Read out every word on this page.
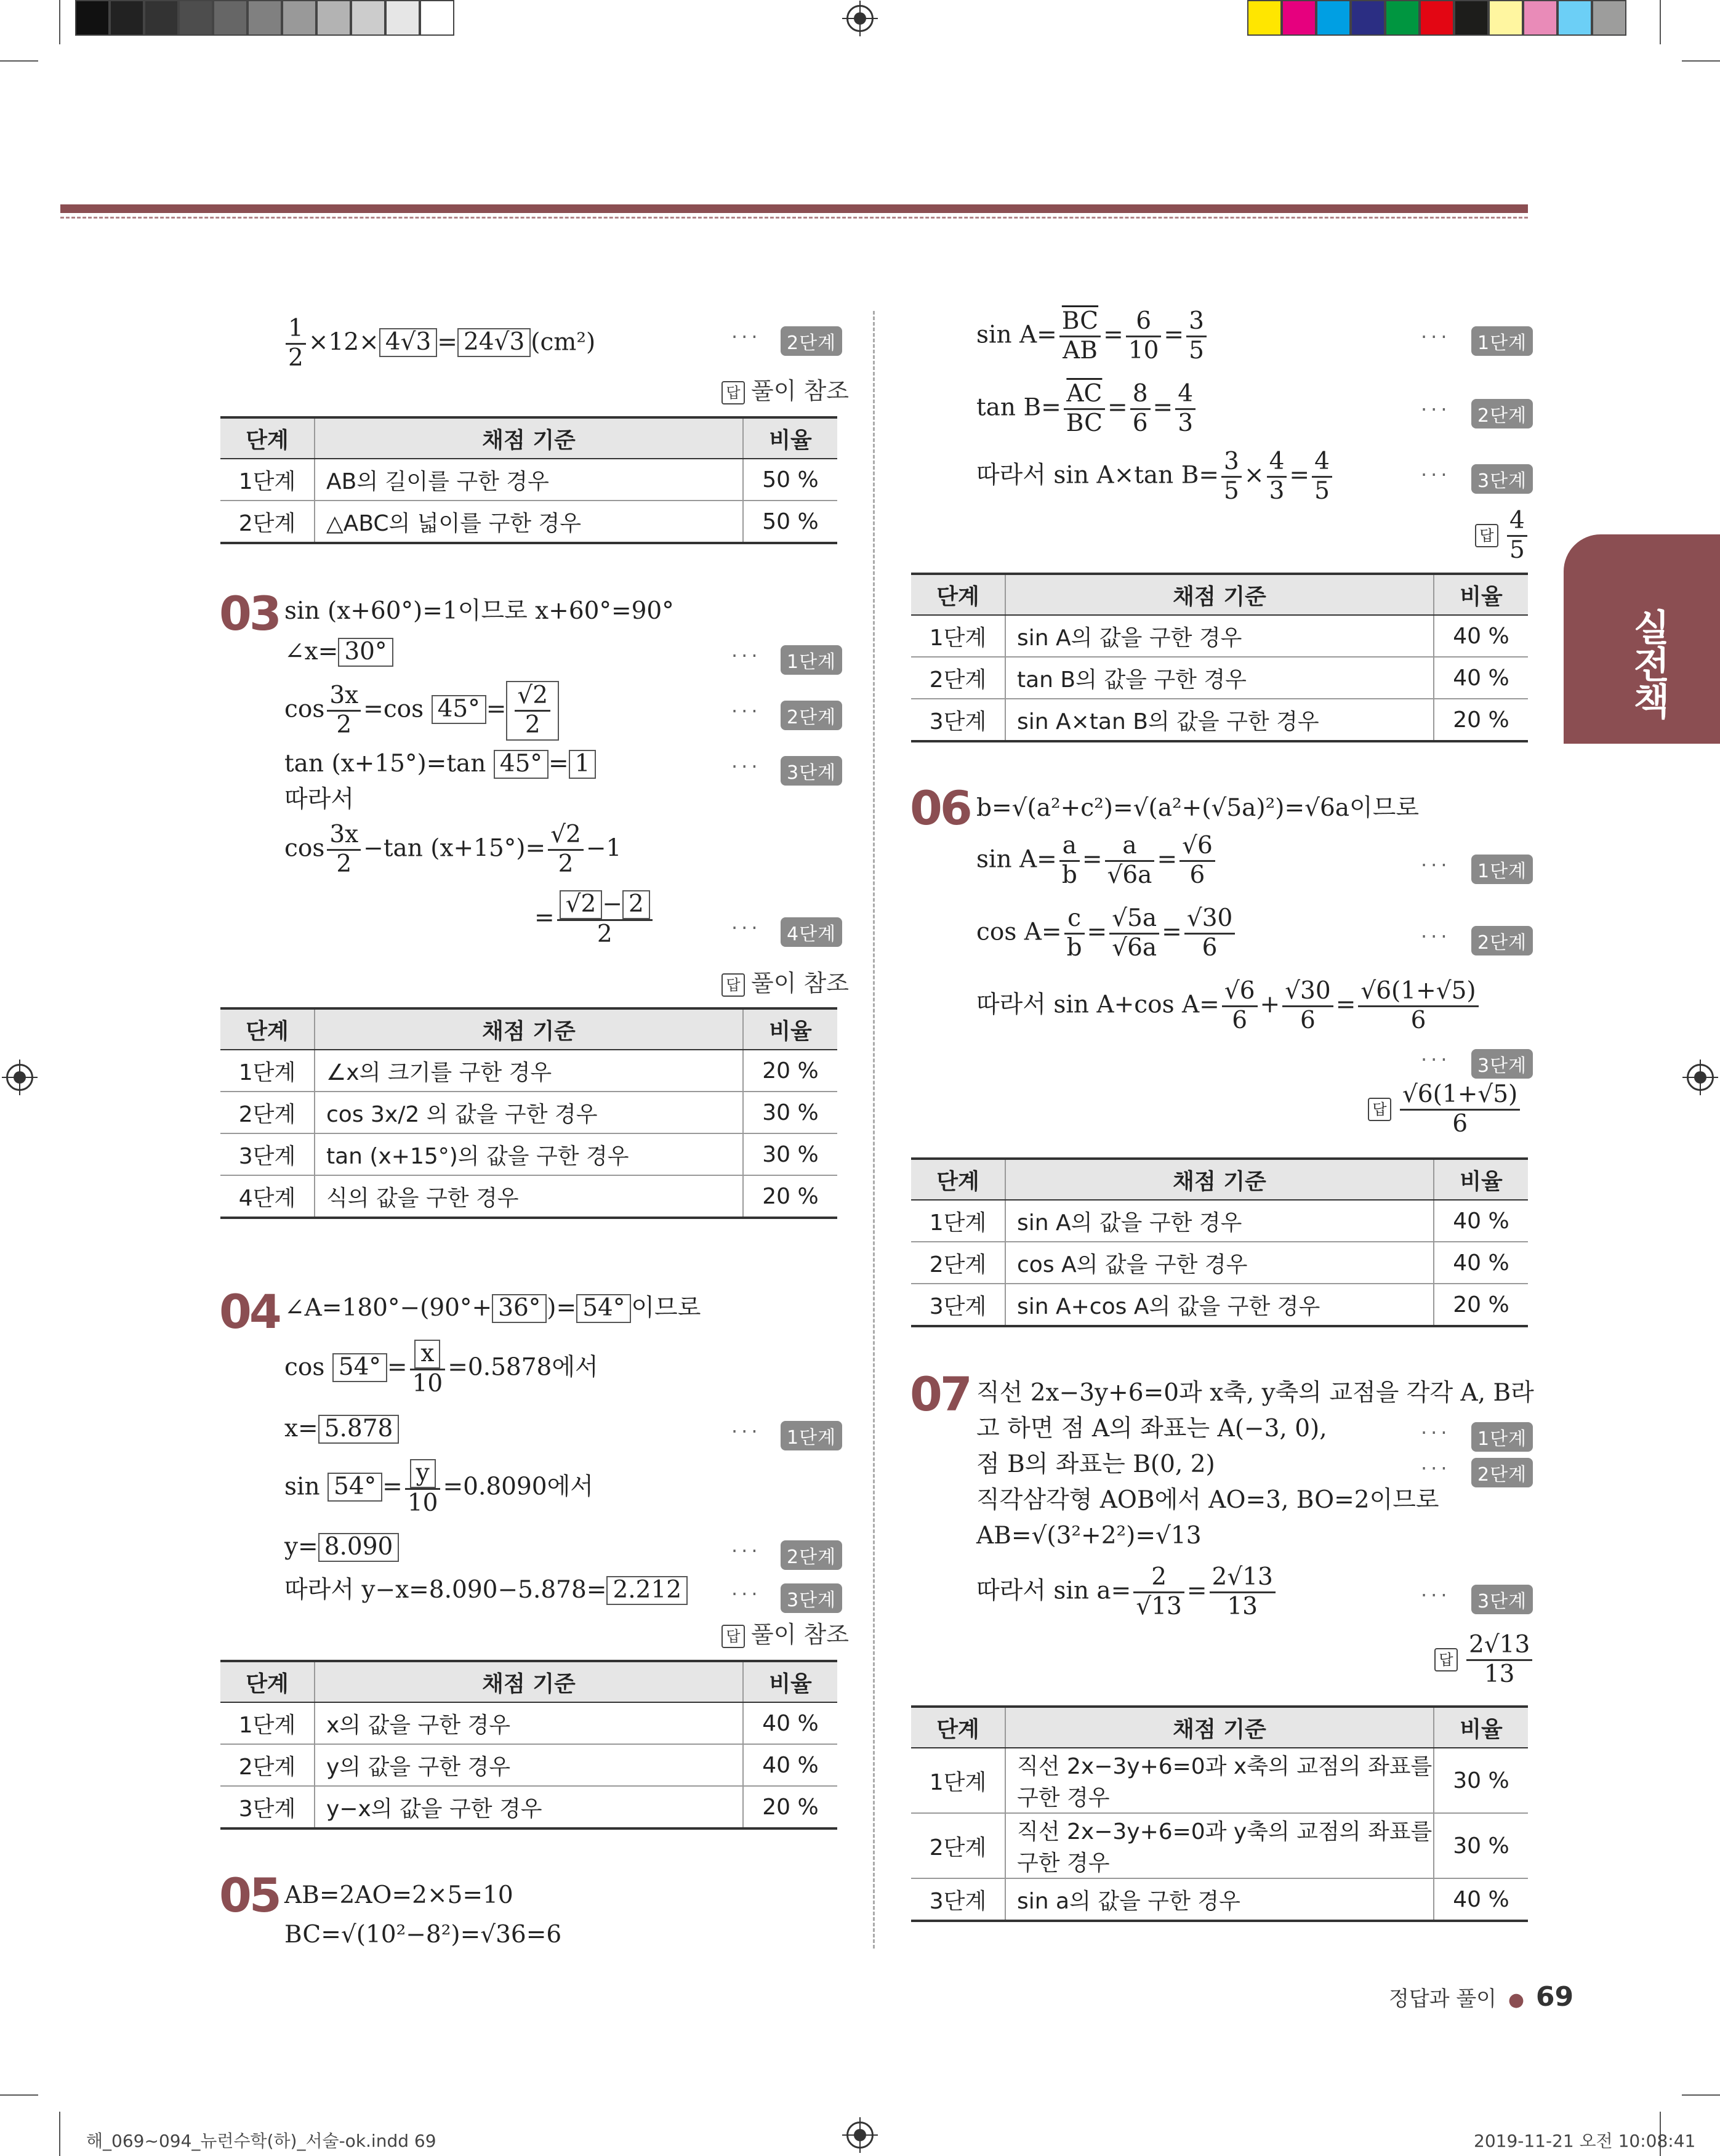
실전책
$\frac{1}{2} \times 12\times 4√3 = 24√3$ (cm²)	···	2단계
답 풀이 참조
단계	채점 기준	비율
1단계	AB의 길이를 구한 경우	50 %
2단계	△ABC의 넓이를 구한 경우	50 %
03 sin (x+60°)=1이므로 x+60°=90°
∠x= 30°	···	1단계
$\cos \frac{3x}{2} =\cos$ $45^\circ = \frac{√2}{2}$	···	2단계
tan (x+15°)=tan 45° = 1	···	3단계
따라서
$\cos \frac{3x}{2} -\tan$ $(x+15^\circ)= \frac{√2}{2} -1$
= $\frac{√2 - 2}{2}$	···	4단계
답 풀이 참조
단계	채점 기준	비율
1단계	∠x의 크기를 구한 경우	20 %
2단계	cos 3x/2 의 값을 구한 경우	30 %
3단계	tan (x+15°)의 값을 구한 경우	30 %
4단계	식의 값을 구한 경우	20 %
04 ∠A=180°−(90°+ 36° )= 54° 이므로
$\cos 54^\circ = \frac{x}{10} =0.5878$에서
x= 5.878	···	1단계
$\sin 54^\circ = \frac{y}{10} =0.8090$에서
y= 8.090	···	2단계
따라서 y−x=8.090−5.878= 2.212	···	3단계
답 풀이 참조
단계	채점 기준	비율
1단계	x의 값을 구한 경우	40 %
2단계	y의 값을 구한 경우	40 %
3단계	y−x의 값을 구한 경우	20 %
05 AB=2AO=2×5=10
BC=√(10²−8²)=√36=6
$\sin A= \frac{\overline{BC}}{AB} = \frac{6}{10} = \frac{3}{5}$	···	1단계
$\tan B= \frac{\overline{AC}}{BC} = \frac{8}{6} = \frac{4}{3}$	···	2단계
따라서 sin A×tan $B= \frac{3}{5} \times \frac{4}{3} = \frac{4}{5}$	···	3단계
답 $\frac{4}{5}$
단계	채점 기준	비율
1단계	sin A의 값을 구한 경우	40 %
2단계	tan B의 값을 구한 경우	40 %
3단계	sin A×tan B의 값을 구한 경우	20 %
06 b=√(a²+c²)=√(a²+(√5a)²)=√6a이므로
$\sin A= \frac{a}{b} = \frac{a}{√6a} = \frac{√6}{6}$	···	1단계
$\cos A= \frac{c}{b} = \frac{√5a}{√6a} = \frac{√30}{6}$	···	2단계
따라서 sin A+cos $A= \frac{√6}{6} + \frac{√30}{6} = \frac{√6(1+√5)}{6}$
···	3단계
답 $\frac{√6(1+√5)}{6}$
단계	채점 기준	비율
1단계	sin A의 값을 구한 경우	40 %
2단계	cos A의 값을 구한 경우	40 %
3단계	sin A+cos A의 값을 구한 경우	20 %
07 직선 2x−3y+6=0과 x축, y축의 교점을 각각 A, B라
고 하면 점 A의 좌표는 A(−3, 0),	···	1단계
점 B의 좌표는 B(0, 2)	···	2단계
직각삼각형 AOB에서 AO=3, BO=2이므로
AB=√(3²+2²)=√13
따라서 $\sin a= \frac{2}{√13} = \frac{2√13}{13}$	···	3단계
답 $\frac{2√13}{13}$
단계	채점 기준	비율
1단계	직선 2x−3y+6=0과 x축의 교점의 좌표를 구한 경우	30 %
2단계	직선 2x−3y+6=0과 y축의 교점의 좌표를 구한 경우	30 %
3단계	sin a의 값을 구한 경우	40 %
정답과 풀이 ● 69
해_069~094_뉴런수학(하)_서술-ok.indd 69	2019-11-21 오전 10:08:41
